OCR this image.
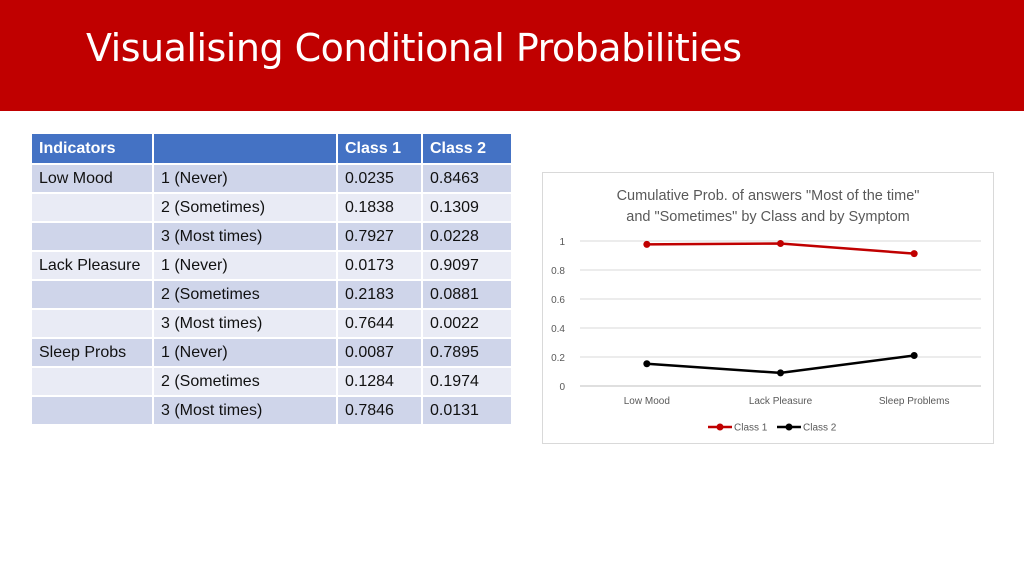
Visualising Conditional Probabilities
Indicators		Class 1	Class 2
Low Mood	1 (Never)	0.0235	0.8463
	2 (Sometimes)	0.1838	0.1309
	3 (Most times)	0.7927	0.0228
Lack Pleasure	1 (Never)	0.0173	0.9097
	2 (Sometimes	0.2183	0.0881
	3 (Most times)	0.7644	0.0022
Sleep Probs	1 (Never)	0.0087	0.7895
	2 (Sometimes	0.1284	0.1974
	3 (Most times)	0.7846	0.0131
Cumulative Prob. of answers "Most of the time"
and "Sometimes" by Class and by Symptom
0
0.2
0.4
0.6
0.8
1
Low Mood	Lack Pleasure	Sleep Problems
Class 1	Class 2
